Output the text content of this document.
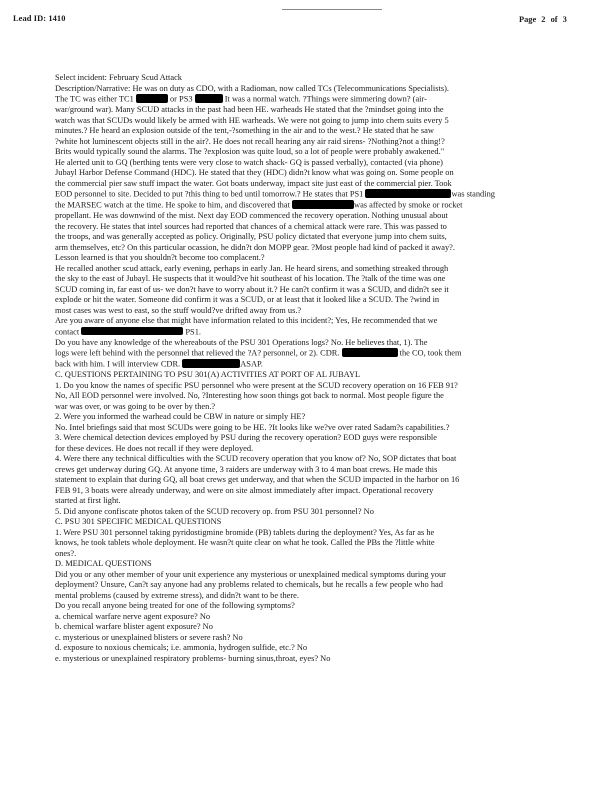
Lead ID: 1410	Page 2 of 3

Select incident: February Scud Attack

Description/Narrative: He was on duty as CDO, with a Radioman, now called TCs (Telecommunications Specialists).

The TC was either TC1	or PS3	It was a normal watch. ?Things were simmering down? (air-

war/ground war). Many SCUD attacks in the past had been HE. warheads He stated that the ?mindset going into the

watch was that SCUDs would likely be armed with HE warheads. We were not going to jump into chem suits every 5

minutes.? He heard an explosion outside of the tent,-?something in the air and to the west.? He stated that he saw

?white hot luminescent objects still in the air?. He does not recall hearing any air raid sirens- ?Nothing?not a thing!?

Brits would typically sound the alarms. The ?explosion was quite loud, so a lot of people were probably awakened."

He alerted unit to GQ (berthing tents were very close to watch shack- GQ is passed verbally), contacted (via phone)

Jubayl Harbor Defense Command (HDC). He stated that they (HDC) didn?t know what was going on. Some people on

the commercial pier saw stuff impact the water. Got boats underway, impact site just east of the commercial pier. Took

EOD personnel to site. Decided to put ?this thing to bed until tomorrow.? He states that PS1	was standing

the MARSEC watch at the time. He spoke to him, and discovered that	was affected by smoke or rocket

propellant. He was downwind of the mist. Next day EOD commenced the recovery operation. Nothing unusual about

the recovery. He states that intel sources had reported that chances of a chemical attack were rare. This was passed to

the troops, and was generally accepted as policy. Originally, PSU policy dictated that everyone jump into chem suits,

arm themselves, etc? On this particular ocassion, he didn?t don MOPP gear. ?Most people had kind of packed it away?.

Lesson learned is that you shouldn?t become too complacent.?

He recalled another scud attack, early evening, perhaps in early Jan. He heard sirens, and something streaked through

the sky to the east of Jubayl. He suspects that it would?ve hit southeast of his location. The ?talk of the time was one

SCUD coming in, far east of us- we don?t have to worry about it.? He can?t confirm it was a SCUD, and didn?t see it

explode or hit the water. Someone did confirm it was a SCUD, or at least that it looked like a SCUD. The ?wind in

most cases was west to east, so the stuff would?ve drifted away from us.?

Are you aware of anyone else that might have information related to this incident?; Yes, He recommended that we

contact	PS1.

Do you have any knowledge of the whereabouts of the PSU 301 Operations logs? No. He believes that, 1). The

logs were left behind with the personnel that relieved the ?A? personnel, or 2). CDR.	the CO, took them

back with him. I will interview CDR.	ASAP.

C. QUESTIONS PERTAINING TO PSU 301(A) ACTIVITIES AT PORT OF AL JUBAYL

1. Do you know the names of specific PSU personnel who were present at the SCUD recovery operation on 16 FEB 91?

No, All EOD personnel were involved. No, ?Interesting how soon things got back to normal. Most people figure the

war was over, or was going to be over by then.?

2. Were you informed the warhead could be CBW in nature or simply HE?

No. Intel briefings said that most SCUDs were going to be HE. ?It looks like we?ve over rated Sadam?s capabilities.?

3. Were chemical detection devices employed by PSU during the recovery operation? EOD guys were responsible

for these devices. He does not recall if they were deployed.

4. Were there any technical difficulties with the SCUD recovery operation that you know of? No, SOP dictates that boat

crews get underway during GQ. At anyone time, 3 raiders are underway with 3 to 4 man boat crews. He made this

statement to explain that during GQ, all boat crews get underway, and that when the SCUD impacted in the harbor on 16

FEB 91, 3 boats were already underway, and were on site almost immediately after impact. Operational recovery

started at first light.

5. Did anyone confiscate photos taken of the SCUD recovery op. from PSU 301 personnel? No

C. PSU 301 SPECIFIC MEDICAL QUESTIONS

1. Were PSU 301 personnel taking pyridostigmine bromide (PB) tablets during the deployment? Yes, As far as he

knows, he took tablets whole deployment. He wasn?t quite clear on what he took. Called the PBs the ?little white

ones?.

D. MEDICAL QUESTIONS

Did you or any other member of your unit experience any mysterious or unexplained medical symptoms during your

deployment? Unsure, Can?t say anyone had any problems related to chemicals, but he recalls a few people who had

mental problems (caused by extreme stress), and didn?t want to be there.

Do you recall anyone being treated for one of the following symptoms?

a. chemical warfare nerve agent exposure? No

b. chemical warfare blister agent exposure? No

c. mysterious or unexplained blisters or severe rash? No

d. exposure to noxious chemicals; i.e. ammonia, hydrogen sulfide, etc.? No

e. mysterious or unexplained respiratory problems- burning sinus,throat, eyes? No
